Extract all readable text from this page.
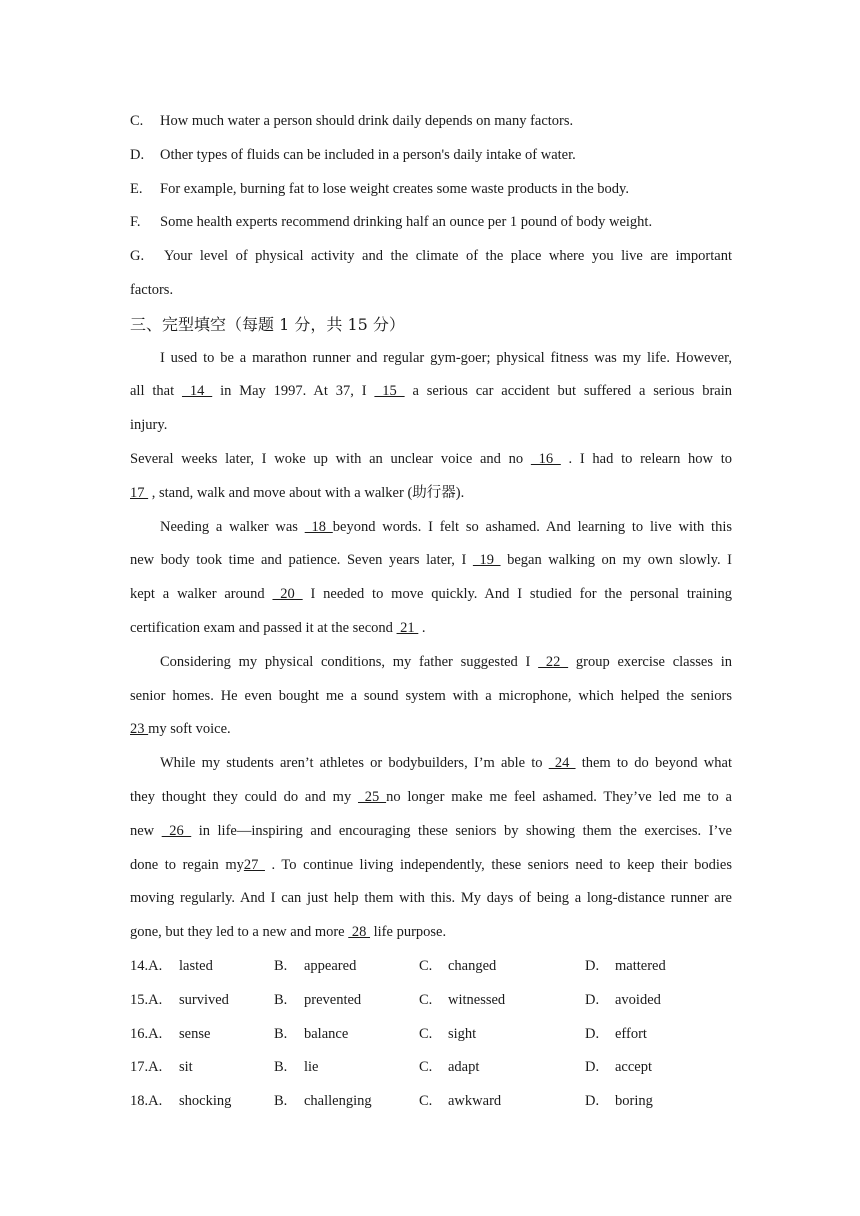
C. How much water a person should drink daily depends on many factors.
D. Other types of fluids can be included in a person's daily intake of water.
E. For example, burning fat to lose weight creates some waste products in the body.
F. Some health experts recommend drinking half an ounce per 1 pound of body weight.
G. Your level of physical activity and the climate of the place where you live are important
factors.
三、完型填空（每题 1 分，共 15 分）
I used to be a marathon runner and regular gym-goer; physical fitness was my life. However,
all that  14  in May 1997. At 37, I  15  a serious car accident but suffered a serious brain
injury.
Several weeks later, I woke up with an unclear voice and no  16  . I had to relearn how to
17  , stand, walk and move about with a walker (助行器).
Needing a walker was  18 beyond words. I felt so ashamed. And learning to live with this
new body took time and patience. Seven years later, I  19  began walking on my own slowly. I
kept a walker around  20  I needed to move quickly. And I studied for the personal training
certification exam and passed it at the second  21  .
Considering my physical conditions, my father suggested I  22  group exercise classes in
senior homes. He even bought me a sound system with a microphone, which helped the seniors
23 my soft voice.
While my students aren’t athletes or bodybuilders, I’m able to  24  them to do beyond what
they thought they could do and my  25 no longer make me feel ashamed. They’ve led me to a
new  26  in life—inspiring and encouraging these seniors by showing them the exercises. I’ve
done to regain my27  . To continue living independently, these seniors need to keep their bodies
moving regularly. And I can just help them with this. My days of being a long-distance runner are
gone, but they led to a new and more  28  life purpose.
14.A. lasted	B. appeared	C. changed	D. mattered
15.A. survived	B. prevented	C. witnessed	D. avoided
16.A. sense	B. balance	C. sight	D. effort
17.A. sit	B. lie	C. adapt	D. accept
18.A. shocking	B. challenging	C. awkward	D. boring
